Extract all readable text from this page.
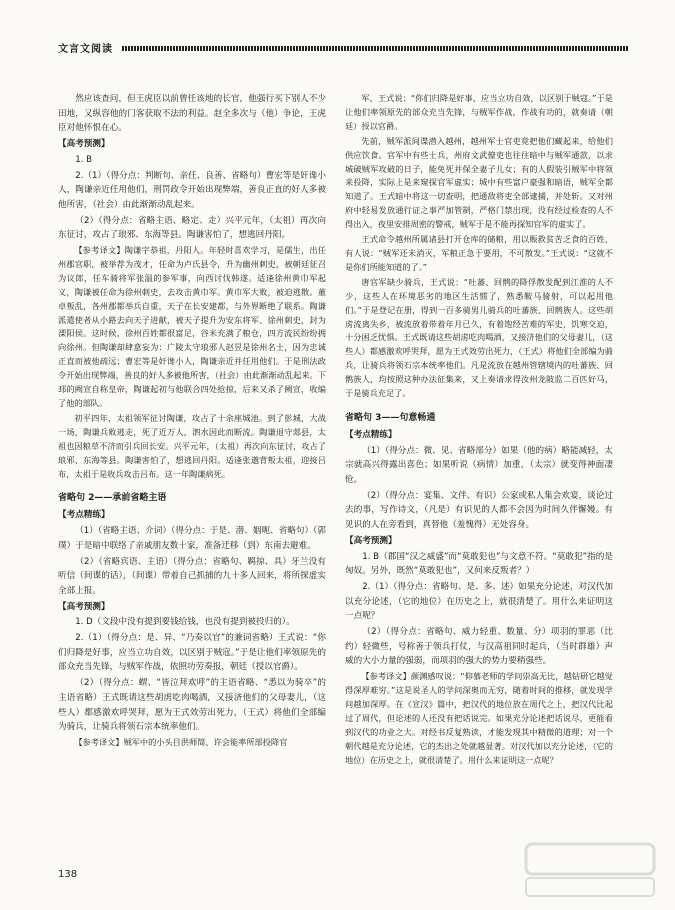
文言文阅读

然应该查问，但王虎臣以前曾任该地的长官，他强行买下别人不少田地，又纵容他的门客获取不法的利益。赵全多次与（他）争论，王虎臣对他怀恨在心。

【高考预测】

1. B

2.（1）（得分点：判断句、亲任、良善、省略句）曹宏等是奸谗小人，陶谦亲近任用他们，刑罚政令开始出现弊端，善良正直的好人多被他所害，（社会）由此渐渐动乱起来。

（2）（得分点：省略主语、略定、走）兴平元年，（太祖）再次向东征讨，攻占了琅邪、东海等县。陶谦害怕了，想逃回丹阳。

【参考译文】陶谦字恭祖，丹阳人。年轻时喜欢学习，是儒生，出任州郡官职，被举荐为茂才，任命为卢氏县令，升为幽州刺史，被朝廷征召为议郎，任车骑将军张温的参军事，向西讨伐韩遂。适逢徐州黄巾军起义，陶谦被任命为徐州刺史，去攻击黄巾军。黄巾军大败，被迫逃散。董卓叛乱，各州郡都举兵自重，天子在长安建都，与外界断绝了联系。陶谦派遣使者从小路去向天子进献，被天子提升为安东将军、徐州刺史，封为溧阳侯。这时候，徐州百姓都很富足，谷米充满了粮仓，四方流民纷纷拥向徐州。但陶谦却肆意妄为：广陵太守琅邪人赵昱是徐州名士，因为忠诚正直而被他疏远；曹宏等是奸谗小人，陶谦亲近并任用他们。于是刑法政令开始出现弊端，善良的好人多被他所害，（社会）由此渐渐动乱起来。下邳的阙宣自称皇帝，陶谦起初与他联合四处抢掠，后来又杀了阙宣，收编了他的部队。

初平四年，太祖领军征讨陶谦，攻占了十余座城池。到了彭城，大战一场，陶谦兵败逃走，死了近万人，泗水因此而断流。陶谦退守郯县，太祖也因粮草不济而引兵回长安。兴平元年，（太祖）再次向东征讨，攻占了琅邪、东海等县。陶谦害怕了，想逃回丹阳。适逢张邈背叛太祖，迎接吕布，太祖于是收兵攻击吕布。这一年陶谦病死。

省略句 2——承前省略主语

【考点精练】

（1）（省略主语、介词）（得分点：于是、潜、姻呃、省略句）（郭璞）于是暗中联络了亲戚朋友数十家，准备迁移（到）东南去避难。

（2）（省略宾语、主语）（得分点：省略句、羁掠、具）牙兰没有听信（间谍的话），（间谍）带着自己抓捕的九十多人回来，将所探虚实全部上报。

【高考预测】

1. D（文段中没有提到要钱给钱，也没有提到被投归的）。

2.（1）（得分点：是、异、“乃奏以官”的兼词省略）王式说：“你们归降是好事，应当立功自效，以区别于贼寇。”于是让他们率领原先的部众充当先锋，与贼军作战，依照功劳奏报，朝廷（授以官爵）。

（2）（得分点：蝟、“皆泣拜欢呼”的主语省略、“悉以为骑卒”的主语省略）王式既请这些胡虏吃肉喝酒，又接济他们的父母妻儿，（这些人）都感激欢呼哭拜，愿为王式效劳出死力，（王式）将他们全部编为骑兵，让骑兵将领石宗本统率他们。

【参考译文】贼军中的小头目洪师简、许会能率所部投降官

军，王式说：“你们归降是好事，应当立功自效，以区别于贼寇。”于是让他们率领原先的部众充当先锋，与贼军作战，作战有功的，就奏请（朝廷）授以官爵。

先前，贼军派间谍潜入越州，越州军士官吏竟把他们藏起来，给他们供应饮食。官军中有些士兵，州府文武僚吏也往往暗中与贼军通款，以求城破贼军攻破的日子，能免死并保全妻子儿女；有的人假装引贼军中将领来投降，实际上是来窥探官军虚实；城中有些富户豪强和暗语，贼军全都知道了。王式暗中将这一切查明，把通敌将吏全部逮捕，并处斩。又对州府中轻易发放通行证之事严加管制，严格门禁出现，没有经过检查的人不得出入，夜里安排周密的警戒，贼军于是不能再探知官军的虚实了。

王式命令越州所属诸县打开仓库的储粮，用以赈救贫苦乏食的百姓，有人说：“贼军还未消灭，军粮正急于要用，不可散发。”王式说：“这就不是你们所能知道的了。”

唐官军缺少骑兵，王式说：“吐蕃、回鹘的降俘散发配到江淮的人不少，这些人在环境恶劣的地区生活惯了，熟悉鞍马骑射，可以起用他们。”于是登记在册，得到一百多骑男儿骑兵的吐蕃族、回鹘族人。这些胡虏流离失乡，被流放着带着年月已久，有着饱经苦难的军史，饥寒交迫，十分困乏忧惧。王式既请这些胡虏吃肉喝酒，又接济他们的父母妻儿，（这些人）都感激欢呼哭拜，愿为王式效劳出死力，（王式）将他们全部编为骑兵，让骑兵将领石宗本统率他们。凡是流放在越州管辖境内的吐蕃族、回鹘族人，均按照这种办法征集来，又上奏请求得汝州龙陂监二百匹好马，于是骑兵充足了。

省略句 3——句意畅通

【考点精练】

（1）（得分点：微、见、省略部分）如果（他的病）略能减轻，太宗就高兴得露出喜色；如果听说（病情）加重，（太宗）就变得神面凄怆。

（2）（得分点：宴集、文伴、有识）公家或私人集会欢宴，谈论过去的事，写作诗文，（凡是）有识见的人都不会因为时间久伴懈嫚。有见识的人在旁看到，真替他（羞愧得）无处容身。

【高考预测】

1. B（郡国“汉之威盛”而“莫敢犯也”与文意不符。“莫敢犯”指的是匈奴。另外，既然“莫敢犯也”，又何来反叛者？）

2.（1）（得分点：省略句、是、多、述）如果充分论述，对汉代加以充分论述，（它的地位）在历史之上，就很清楚了。用什么来证明这一点呢？

（2）（得分点：省略句、威力轻重、数量、分）项羽的罪恶（比约）轻微些，号称善于领兵打仗，与汉高祖同时起兵，（当时群雄）声威的大小力量的强弱，而项羽的强大的势力要稍强些。

【参考译文】颜渊感叹说：“仰慕老师的学问崇高无比，越钻研它越觉得深厚难穷。”这是说圣人的学问深奥而无穷，随着时间的推移，就发现学问越加深厚。在《宣汉》篇中，把汉代的地位放在周代之上，把汉代比起过了周代，但论述的人还没有把话说完。如果充分论述把话说尽，更能看到汉代的功业之大。对经书反复熟读，才能发现其中精微的道理；对一个朝代越是充分论述，它的杰出之处就越显著。对汉代加以充分论述，（它的地位）在历史之上，就很清楚了。用什么来证明这一点呢？

138
